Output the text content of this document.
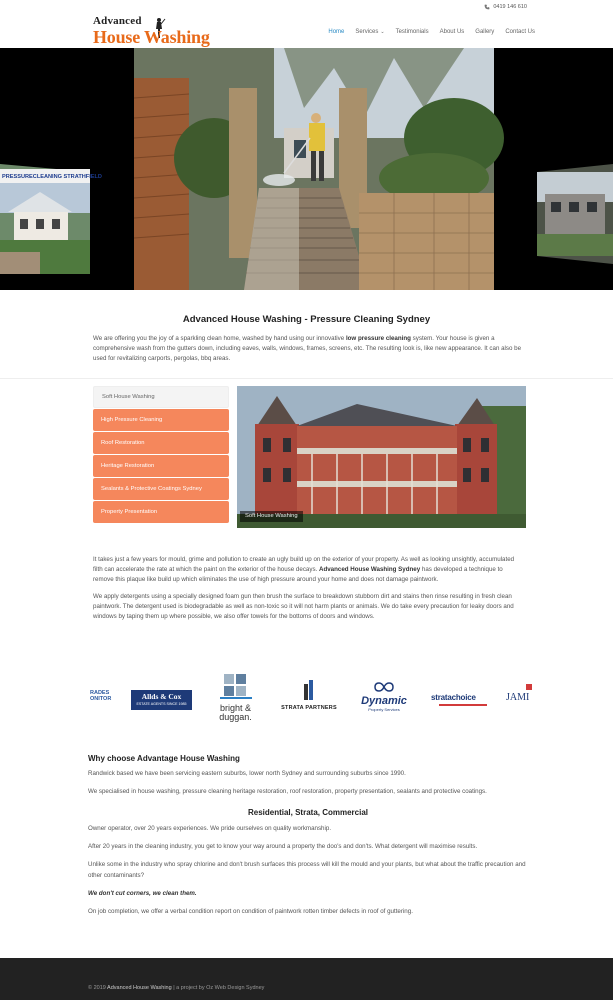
0419 146 610
Advanced
House Washing	Home Services ⌄ Testimonials About Us Gallery Contact Us
PRESSURECLEANING STRATHFIELD
Advanced House Washing - Pressure Cleaning Sydney

We are offering you the joy of a sparkling clean home, washed by hand using our innovative low pressure cleaning system. Your house is given a comprehensive wash from the gutters down, including eaves, walls, windows, frames, screens, etc. The resulting look is, like new appearance. It can also be used for revitalizing carports, pergolas, bbq areas.

Soft House Washing
High Pressure Cleaning
Roof Restoration
Heritage Restoration
Sealants & Protective Coatings Sydney
Property Presentation
Soft House Washing

It takes just a few years for mould, grime and pollution to create an ugly build up on the exterior of your property. As well as looking unsightly, accumulated filth can accelerate the rate at which the paint on the exterior of the house decays. Advanced House Washing Sydney has developed a technique to remove this plaque like build up which eliminates the use of high pressure around your home and does not damage paintwork.

We apply detergents using a specially designed foam gun then brush the surface to breakdown stubborn dirt and stains then rinse resulting in fresh clean paintwork. The detergent used is biodegradable as well as non-toxic so it will not harm plants or animals. We do take every precaution for leaky doors and windows by taping them up where possible, we also offer towels for the bottoms of doors and windows.

RADES
ONITOR	Allds & Cox
ESTATE AGENTS SINCE 1985	bright &
duggan.
STRATA PARTNERS
Dynamic
Property Services
stratachoice	JAMI
Why choose Advantage House Washing

Randwick based we have been servicing eastern suburbs, lower north Sydney and surrounding suburbs since 1990.

We specialised in house washing, pressure cleaning heritage restoration, roof restoration, property presentation, sealants and protective coatings.

Residential, Strata, Commercial

Owner operator, over 20 years experiences. We pride ourselves on quality workmanship.

After 20 years in the cleaning industry, you get to know your way around a property the doo's and don'ts. What detergent will maximise results.

Unlike some in the industry who spray chlorine and don't brush surfaces this process will kill the mould and your plants, but what about the traffic precaution and other contaminants?

We don't cut corners, we clean them.

On job completion, we offer a verbal condition report on condition of paintwork rotten timber defects in roof of guttering.

© 2019 Advanced House Washing | a project by Oz Web Design Sydney
